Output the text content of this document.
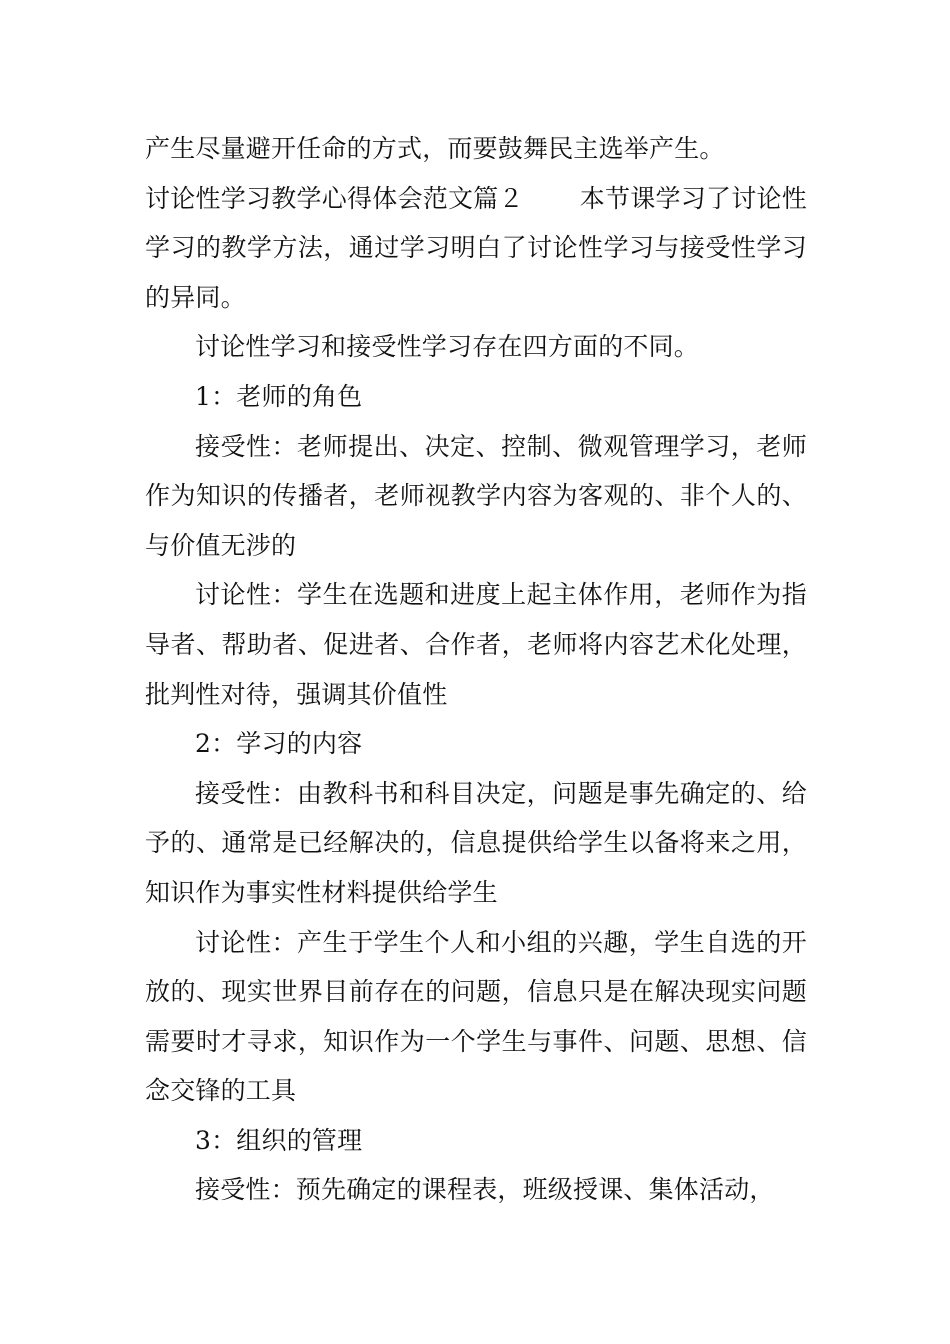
产生尽量避开任命的方式，而要鼓舞民主选举产生。

讨论性学习教学心得体会范文篇２ 本节课学习了讨论性学习的教学方法，通过学习明白了讨论性学习与接受性学习的异同。

讨论性学习和接受性学习存在四方面的不同。

1：老师的角色

接受性：老师提出、决定、控制、微观管理学习，老师作为知识的传播者，老师视教学内容为客观的、非个人的、与价值无涉的

讨论性：学生在选题和进度上起主体作用，老师作为指导者、帮助者、促进者、合作者，老师将内容艺术化处理，批判性对待，强调其价值性

2：学习的内容

接受性：由教科书和科目决定，问题是事先确定的、给予的、通常是已经解决的，信息提供给学生以备将来之用，知识作为事实性材料提供给学生

讨论性：产生于学生个人和小组的兴趣，学生自选的开放的、现实世界目前存在的问题，信息只是在解决现实问题需要时才寻求，知识作为一个学生与事件、问题、思想、信念交锋的工具

3：组织的管理

接受性：预先确定的课程表，班级授课、集体活动，
